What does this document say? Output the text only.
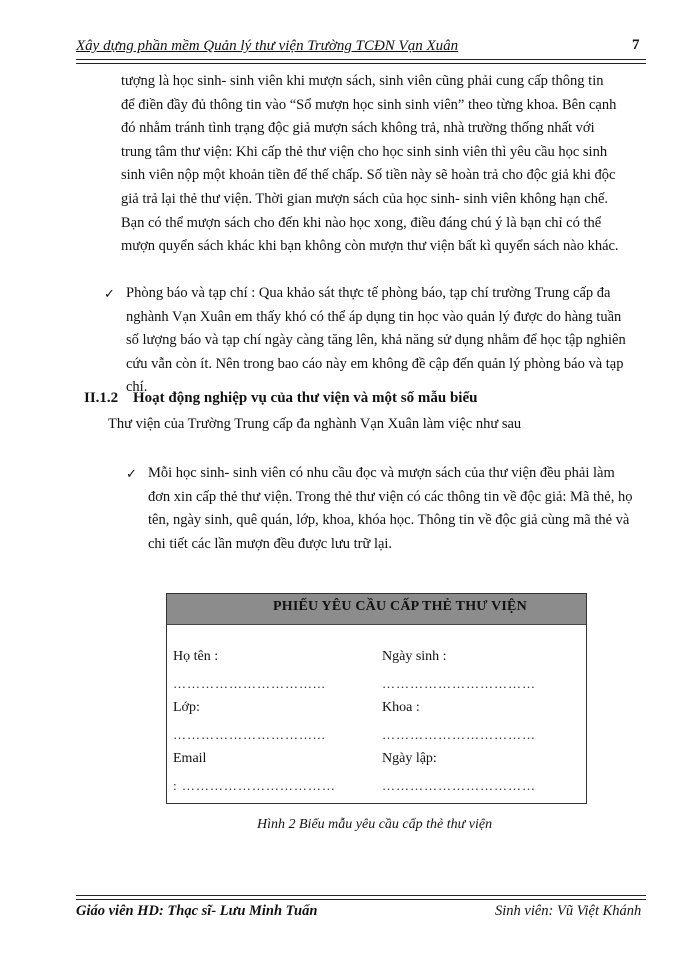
Xây dựng phần mềm Quản lý thư viện Trường TCĐN Vạn Xuân	7
tượng là học sinh- sinh viên khi mượn sách, sinh viên cũng phải cung cấp thông tin
để điền đầy đủ thông tin vào “Sổ mượn học sinh sinh viên” theo từng khoa. Bên cạnh
đó nhằm tránh tình trạng độc giả mượn sách không trả, nhà trường thống nhất với
trung tâm thư viện: Khi cấp thẻ thư viện cho học sinh sinh viên thì yêu cầu học sinh
sinh viên nộp một khoản tiền để thế chấp. Số tiền này sẽ hoàn trả cho độc giả khi độc
giả trả lại thẻ thư viện. Thời gian mượn sách của học sinh- sinh viên không hạn chế.
Bạn có thể mượn sách cho đến khi nào học xong, điều đáng chú ý là bạn chỉ có thể
mượn quyển sách khác khi bạn không còn mượn thư viện bất kì quyển sách nào khác.
✓ Phòng báo và tạp chí : Qua khảo sát thực tế phòng báo, tạp chí trường Trung cấp đa
nghành Vạn Xuân em thấy khó có thể áp dụng tin học vào quản lý được do hàng tuần
số lượng báo và tạp chí ngày càng tăng lên, khả năng sử dụng nhằm để học tập nghiên
cứu vẫn còn ít. Nên trong bao cáo này em không đề cập đến quản lý phòng báo và tạp
chí.
II.1.2 Hoạt động nghiệp vụ của thư viện và một số mẫu biểu
Thư viện của Trường Trung cấp đa nghành Vạn Xuân làm việc như sau
✓ Mỗi học sinh- sinh viên có nhu cầu đọc và mượn sách của thư viện đều phải làm
đơn xin cấp thẻ thư viện. Trong thẻ thư viện có các thông tin về độc giả: Mã thẻ, họ
tên, ngày sinh, quê quán, lớp, khoa, khóa học. Thông tin về độc giả cùng mã thẻ và
chi tiết các lần mượn đều được lưu trữ lại.
PHIẾU YÊU CẦU CẤP THẺ THƯ VIỆN
Họ tên :	Ngày sinh :
…………………………...	……………………………
Lớp:	Khoa :
…………………………...	……………………………
Email	Ngày lập:
: ……………………………	……………………………
Hình 2 Biểu mẫu yêu cầu cấp thẻ thư viện
Giáo viên HD: Thạc sĩ- Lưu Minh Tuấn	Sinh viên: Vũ Việt Khánh
